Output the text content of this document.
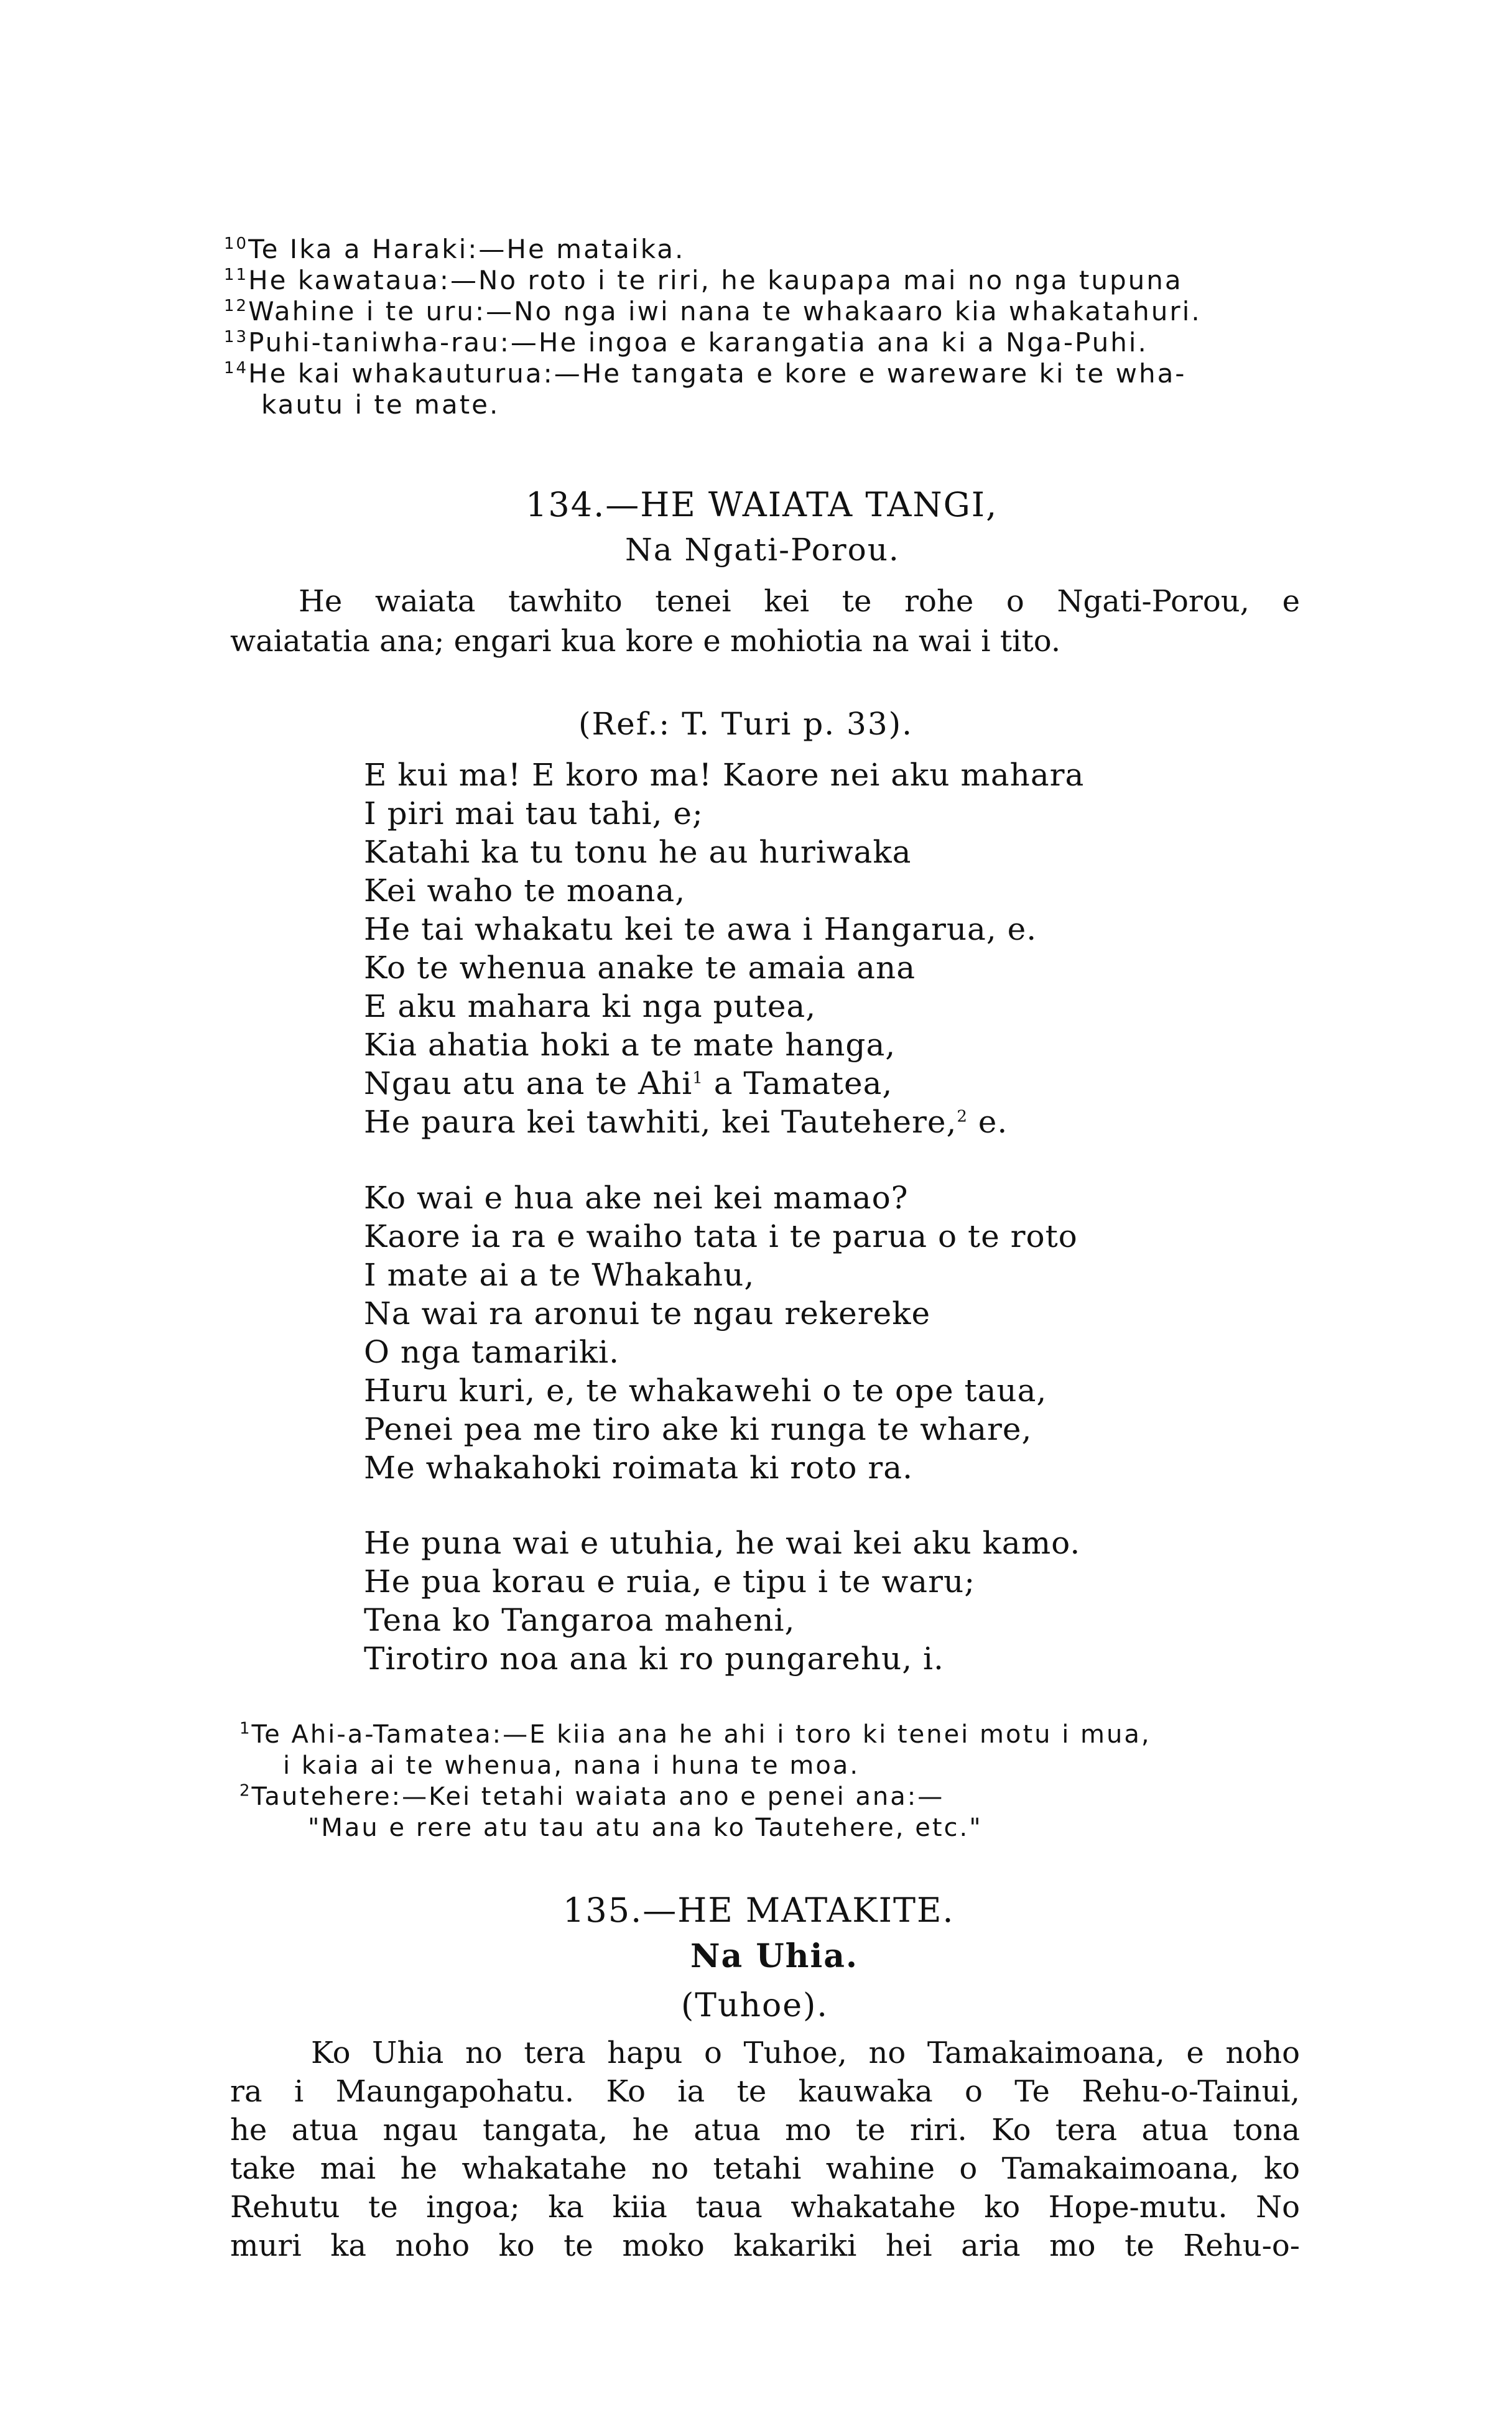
$^{10}$Te Ika a Haraki:—He mataika.
$^{11}$He kawataua:—No roto i te riri, he kaupapa mai no nga tupuna
$^{12}$Wahine i te uru:—No nga iwi nana te whakaaro kia whakatahuri.
$^{13}$Puhi-taniwha-rau:—He ingoa e karangatia ana ki a Nga-Puhi.
$^{14}$He kai whakauturua:—He tangata e kore e wareware ki te wha-
kautu i te mate.
134.—HE WAIATA TANGI,
Na Ngati-Porou.
He waiata tawhito tenei kei te rohe o Ngati-Porou, e
waiatatia ana; engari kua kore e mohiotia na wai i tito.
(Ref.: T. Turi p. 33).
E kui ma! E koro ma! Kaore nei aku mahara
I piri mai tau tahi, e;
Katahi ka tu tonu he au huriwaka
Kei waho te moana,
He tai whakatu kei te awa i Hangarua, e.
Ko te whenua anake te amaia ana
E aku mahara ki nga putea,
Kia ahatia hoki a te mate hanga,
Ngau atu ana te Ahi$^1$ a Tamatea,
He paura kei tawhiti, kei Tautehere,$^2$ e.
Ko wai e hua ake nei kei mamao?
Kaore ia ra e waiho tata i te parua o te roto
I mate ai a te Whakahu,
Na wai ra aronui te ngau rekereke
O nga tamariki.
Huru kuri, e, te whakawehi o te ope taua,
Penei pea me tiro ake ki runga te whare,
Me whakahoki roimata ki roto ra.
He puna wai e utuhia, he wai kei aku kamo.
He pua korau e ruia, e tipu i te waru;
Tena ko Tangaroa maheni,
Tirotiro noa ana ki ro pungarehu, i.
$^1$Te Ahi-a-Tamatea:—E kiia ana he ahi i toro ki tenei motu i mua,
i kaia ai te whenua, nana i huna te moa.
$^2$Tautehere:—Kei tetahi waiata ano e penei ana:—
"Mau e rere atu tau atu ana ko Tautehere, etc."
135.—HE MATAKITE.
Na Uhia.
(Tuhoe).
Ko Uhia no tera hapu o Tuhoe, no Tamakaimoana, e noho
ra i Maungapohatu. Ko ia te kauwaka o Te Rehu-o-Tainui,
he atua ngau tangata, he atua mo te riri. Ko tera atua tona
take mai he whakatahe no tetahi wahine o Tamakaimoana, ko
Rehutu te ingoa; ka kiia taua whakatahe ko Hope-mutu. No
muri ka noho ko te moko kakariki hei aria mo te Rehu-o-
